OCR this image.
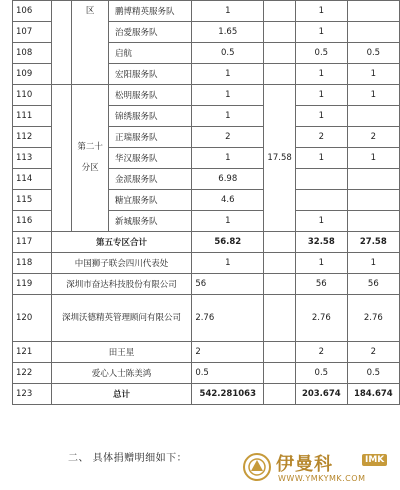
106		区	鹏博精英服务队	1		1	
107			治愛服务队	1.65		1	
108			启航	0.5		0.5	0.5
109			宏阳服务队	1		1	1
110		第二十分区	松明服务队	1	17.58	1	1
111			锦绣服务队	1		1	
112			正瑞服务队	2		2	2
113			华汉服务队	1		1	1
114			金派服务队	6.98			
115			糖宜服务队	4.6			
116			新城服务队	1		1	
117	第五专区合计			56.82		32.58	27.58
118	中国狮子联会四川代表处			1		1	1
119	深圳市奋达科技股份有限公司			56		56	56
120	深圳沃德精英管理顾问有限公司			2.76		2.76	2.76
121	田王星			2		2	2
122	爱心人士陈美鸿			0.5		0.5	0.5
123	总计			542.281063		203.674	184.674
二、 具体捐赠明细如下：	伊曼科	IMK
WWW.YMKYMK.COM
